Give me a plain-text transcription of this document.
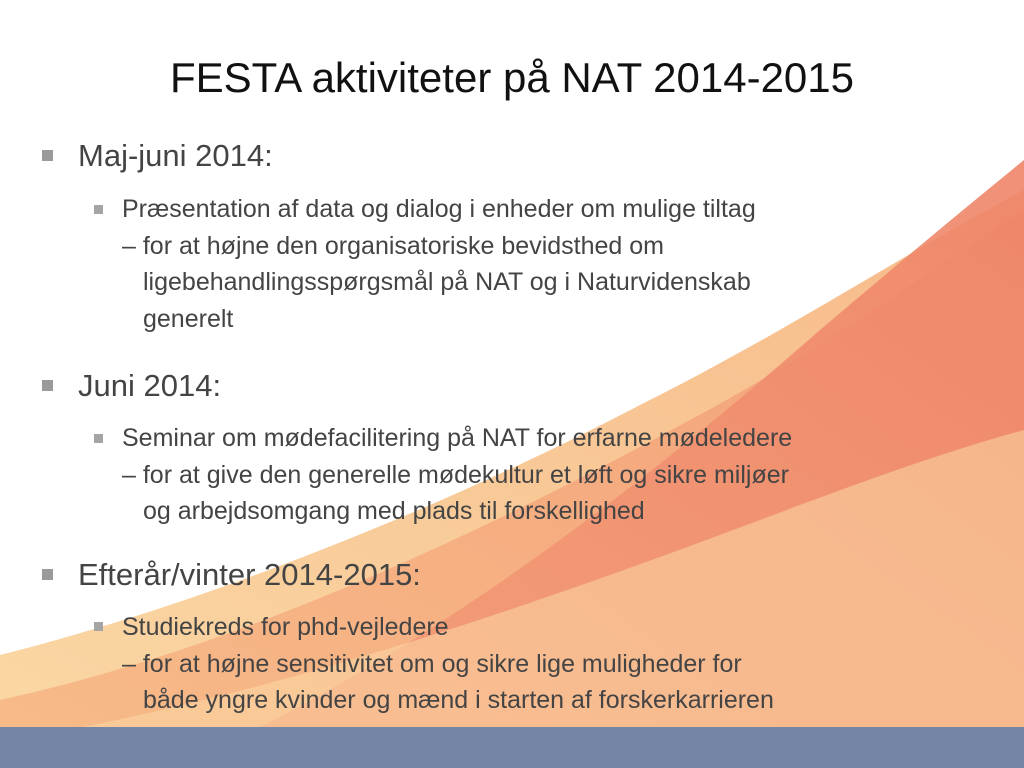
FESTA aktiviteter på NAT 2014-2015
Maj-juni 2014:
Præsentation af data og dialog i enheder om mulige tiltag
– for at højne den organisatoriske bevidsthed om
ligebehandlingsspørgsmål på NAT og i Naturvidenskab
generelt
Juni 2014:
Seminar om mødefacilitering på NAT for erfarne mødeledere
– for at give den generelle mødekultur et løft og sikre miljøer
og arbejdsomgang med plads til forskellighed
Efterår/vinter 2014-2015:
Studiekreds for phd-vejledere
– for at højne sensitivitet om og sikre lige muligheder for
både yngre kvinder og mænd i starten af forskerkarrieren
